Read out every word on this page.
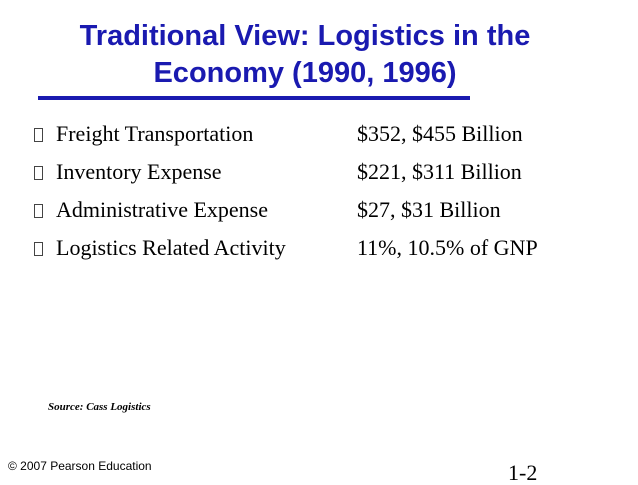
Traditional View: Logistics in the Economy (1990, 1996)
Freight Transportation	$352, $455 Billion
Inventory Expense	$221, $311 Billion
Administrative Expense	$27, $31 Billion
Logistics Related Activity	11%, 10.5% of GNP
Source: Cass Logistics
© 2007 Pearson Education	1-2
